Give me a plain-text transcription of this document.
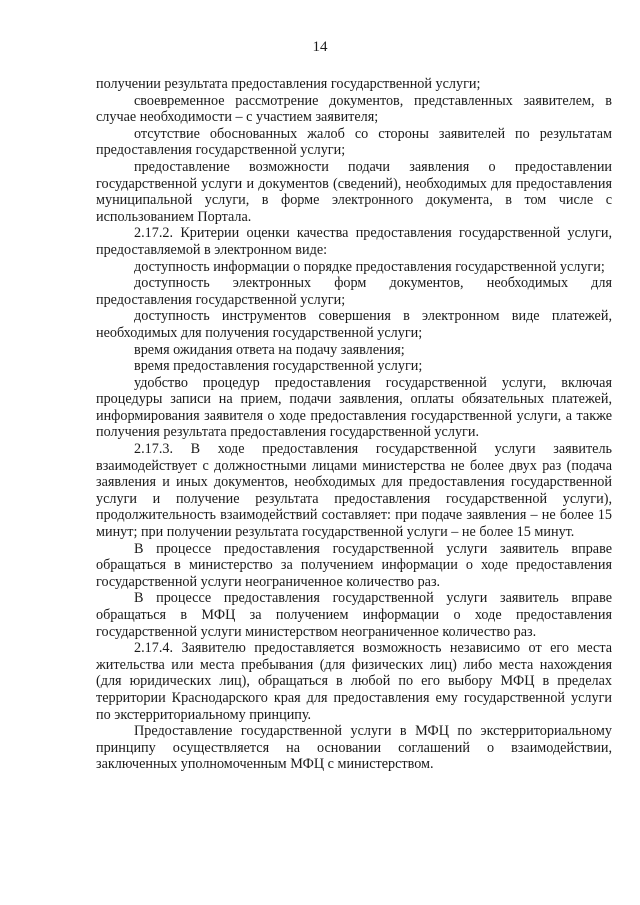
14

получении результата предоставления государственной услуги;

своевременное рассмотрение документов, представленных заявителем, в случае необходимости – с участием заявителя;

отсутствие обоснованных жалоб со стороны заявителей по результатам предоставления государственной услуги;

предоставление возможности подачи заявления о предоставлении государственной услуги и документов (сведений), необходимых для предоставления муниципальной услуги, в форме электронного документа, в том числе с использованием Портала.

2.17.2. Критерии оценки качества предоставления государственной услуги, предоставляемой в электронном виде:

доступность информации о порядке предоставления государственной услуги;

доступность электронных форм документов, необходимых для предоставления государственной услуги;

доступность инструментов совершения в электронном виде платежей, необходимых для получения государственной услуги;

время ожидания ответа на подачу заявления;

время предоставления государственной услуги;

удобство процедур предоставления государственной услуги, включая процедуры записи на прием, подачи заявления, оплаты обязательных платежей, информирования заявителя о ходе предоставления государственной услуги, а также получения результата предоставления государственной услуги.

2.17.3. В ходе предоставления государственной услуги заявитель взаимодействует с должностными лицами министерства не более двух раз (подача заявления и иных документов, необходимых для предоставления государственной услуги и получение результата предоставления государственной услуги), продолжительность взаимодействий составляет: при подаче заявления – не более 15 минут; при получении результата государственной услуги – не более 15 минут.

В процессе предоставления государственной услуги заявитель вправе обращаться в министерство за получением информации о ходе предоставления государственной услуги неограниченное количество раз.

В процессе предоставления государственной услуги заявитель вправе обращаться в МФЦ за получением информации о ходе предоставления государственной услуги министерством неограниченное количество раз.

2.17.4. Заявителю предоставляется возможность независимо от его места жительства или места пребывания (для физических лиц) либо места нахождения (для юридических лиц), обращаться в любой по его выбору МФЦ в пределах территории Краснодарского края для предоставления ему государственной услуги по экстерриториальному принципу.

Предоставление государственной услуги в МФЦ по экстерриториальному принципу осуществляется на основании соглашений о взаимодействии, заключенных уполномоченным МФЦ с министерством.
